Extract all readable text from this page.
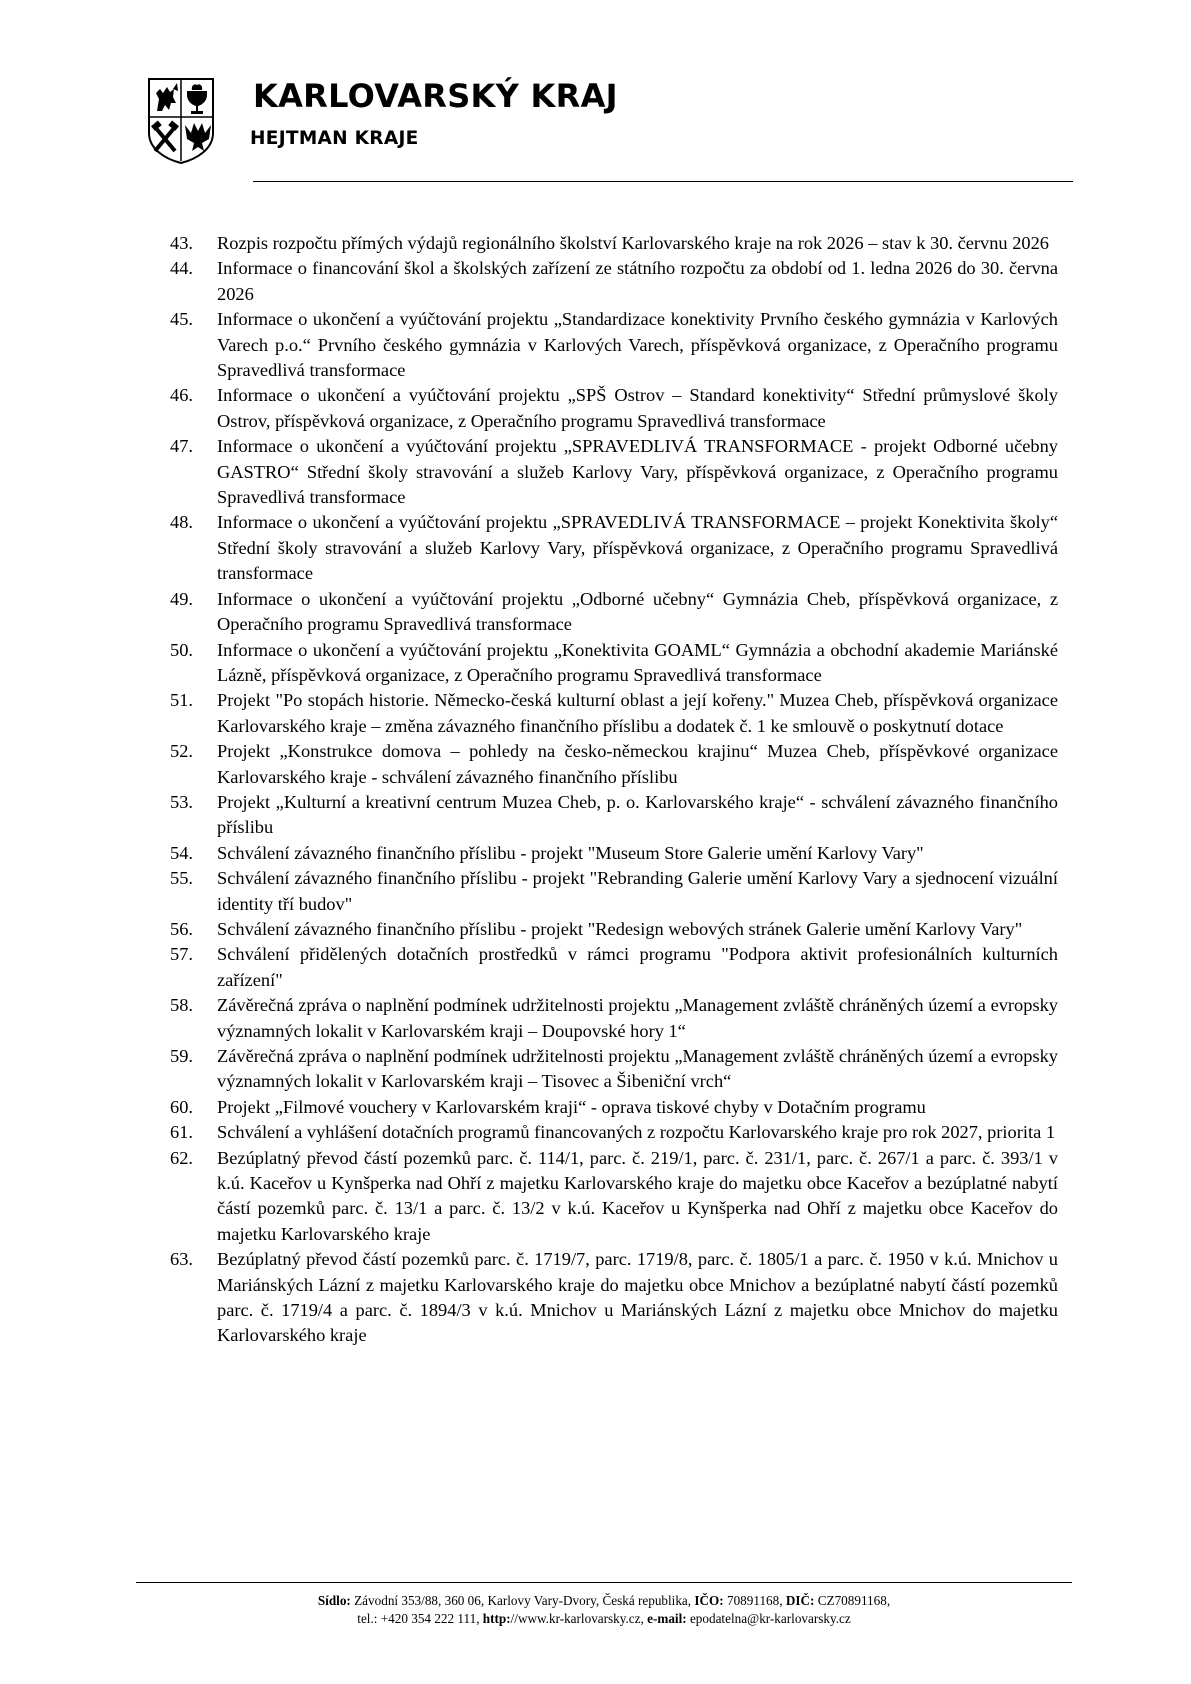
KARLOVARSKÝ KRAJ
HEJTMAN KRAJE
43. Rozpis rozpočtu přímých výdajů regionálního školství Karlovarského kraje na rok 2026 – stav k 30. červnu 2026
44. Informace o financování škol a školských zařízení ze státního rozpočtu za období od 1. ledna 2026 do 30. června 2026
45. Informace o ukončení a vyúčtování projektu „Standardizace konektivity Prvního českého gymnázia v Karlových Varech p.o.“ Prvního českého gymnázia v Karlových Varech, příspěvková organizace, z Operačního programu Spravedlivá transformace
46. Informace o ukončení a vyúčtování projektu „SPŠ Ostrov – Standard konektivity“ Střední průmyslové školy Ostrov, příspěvková organizace, z Operačního programu Spravedlivá transformace
47. Informace o ukončení a vyúčtování projektu „SPRAVEDLIVÁ TRANSFORMACE - projekt Odborné učebny GASTRO“ Střední školy stravování a služeb Karlovy Vary, příspěvková organizace, z Operačního programu Spravedlivá transformace
48. Informace o ukončení a vyúčtování projektu „SPRAVEDLIVÁ TRANSFORMACE – projekt Konektivita školy“ Střední školy stravování a služeb Karlovy Vary, příspěvková organizace, z Operačního programu Spravedlivá transformace
49. Informace o ukončení a vyúčtování projektu „Odborné učebny“ Gymnázia Cheb, příspěvková organizace, z Operačního programu Spravedlivá transformace
50. Informace o ukončení a vyúčtování projektu „Konektivita GOAML“ Gymnázia a obchodní akademie Mariánské Lázně, příspěvková organizace, z Operačního programu Spravedlivá transformace
51. Projekt "Po stopách historie. Německo-česká kulturní oblast a její kořeny." Muzea Cheb, příspěvková organizace Karlovarského kraje – změna závazného finančního příslibu a dodatek č. 1 ke smlouvě o poskytnutí dotace
52. Projekt „Konstrukce domova – pohledy na česko-německou krajinu“ Muzea Cheb, příspěvkové organizace Karlovarského kraje - schválení závazného finančního příslibu
53. Projekt „Kulturní a kreativní centrum Muzea Cheb, p. o. Karlovarského kraje“ - schválení závazného finančního příslibu
54. Schválení závazného finančního příslibu - projekt "Museum Store Galerie umění Karlovy Vary"
55. Schválení závazného finančního příslibu - projekt "Rebranding Galerie umění Karlovy Vary a sjednocení vizuální identity tří budov"
56. Schválení závazného finančního příslibu - projekt "Redesign webových stránek Galerie umění Karlovy Vary"
57. Schválení přidělených dotačních prostředků v rámci programu "Podpora aktivit profesionálních kulturních zařízení"
58. Závěrečná zpráva o naplnění podmínek udržitelnosti projektu „Management zvláště chráněných území a evropsky významných lokalit v Karlovarském kraji – Doupovské hory 1“
59. Závěrečná zpráva o naplnění podmínek udržitelnosti projektu „Management zvláště chráněných území a evropsky významných lokalit v Karlovarském kraji – Tisovec a Šibeniční vrch“
60. Projekt „Filmové vouchery v Karlovarském kraji“ - oprava tiskové chyby v Dotačním programu
61. Schválení a vyhlášení dotačních programů financovaných z rozpočtu Karlovarského kraje pro rok 2027, priorita 1
62. Bezúplatný převod částí pozemků parc. č. 114/1, parc. č. 219/1, parc. č. 231/1, parc. č. 267/1 a parc. č. 393/1 v k.ú. Kaceřov u Kynšperka nad Ohří z majetku Karlovarského kraje do majetku obce Kaceřov a bezúplatné nabytí částí pozemků parc. č. 13/1 a parc. č. 13/2 v k.ú. Kaceřov u Kynšperka nad Ohří z majetku obce Kaceřov do majetku Karlovarského kraje
63. Bezúplatný převod částí pozemků parc. č. 1719/7, parc. 1719/8, parc. č. 1805/1 a parc. č. 1950 v k.ú. Mnichov u Mariánských Lázní z majetku Karlovarského kraje do majetku obce Mnichov a bezúplatné nabytí částí pozemků parc. č. 1719/4 a parc. č. 1894/3 v k.ú. Mnichov u Mariánských Lázní z majetku obce Mnichov do majetku Karlovarského kraje
Sídlo: Závodní 353/88, 360 06, Karlovy Vary-Dvory, Česká republika, IČO: 70891168, DIČ: CZ70891168,
tel.: +420 354 222 111, http://www.kr-karlovarsky.cz, e-mail: epodatelna@kr-karlovarsky.cz
